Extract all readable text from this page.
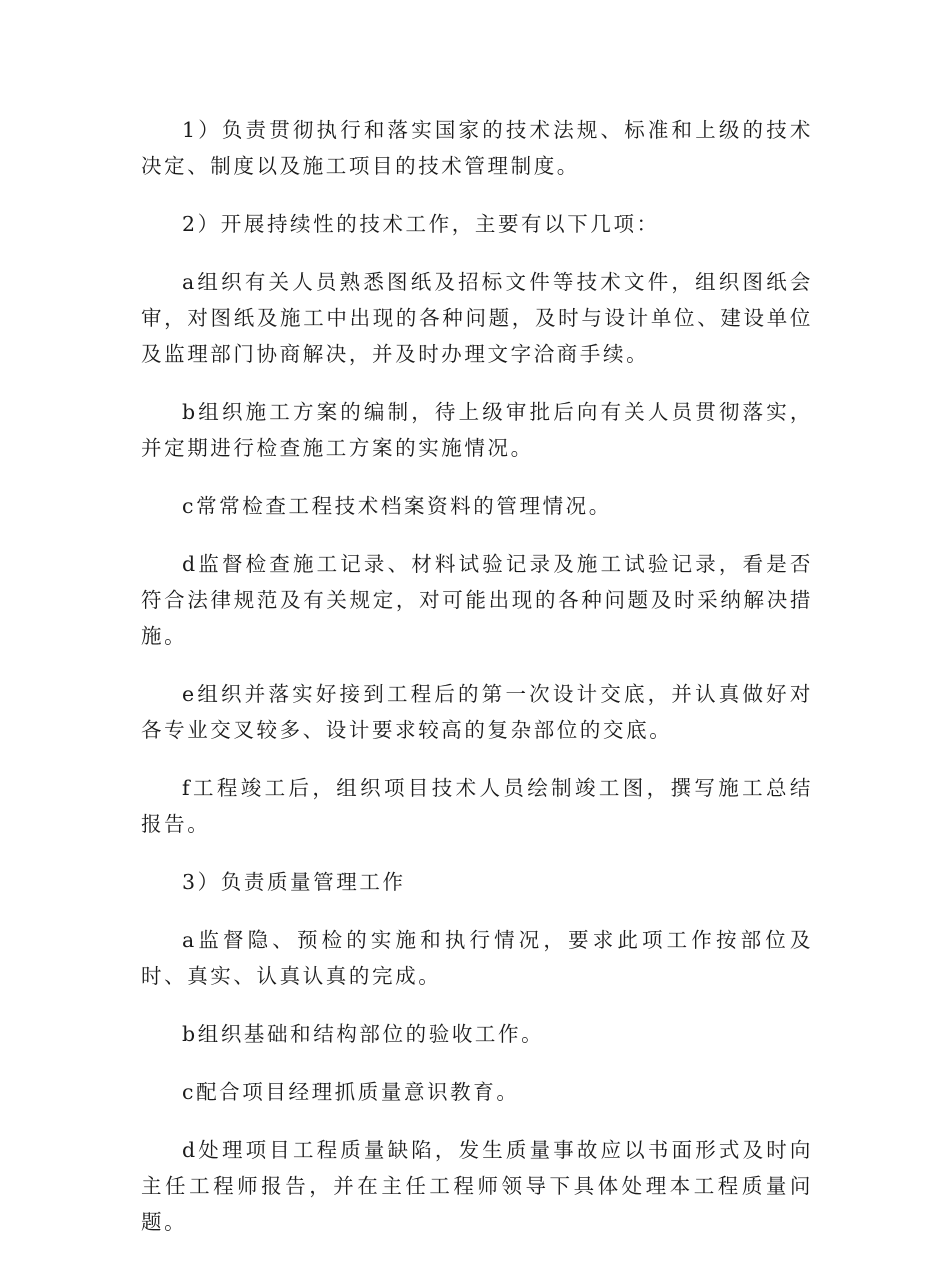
1）负责贯彻执行和落实国家的技术法规、标准和上级的技术决定、制度以及施工项目的技术管理制度。

2）开展持续性的技术工作，主要有以下几项：

a组织有关人员熟悉图纸及招标文件等技术文件，组织图纸会审，对图纸及施工中出现的各种问题，及时与设计单位、建设单位及监理部门协商解决，并及时办理文字洽商手续。

b组织施工方案的编制，待上级审批后向有关人员贯彻落实，并定期进行检查施工方案的实施情况。

c常常检查工程技术档案资料的管理情况。

d监督检查施工记录、材料试验记录及施工试验记录，看是否符合法律规范及有关规定，对可能出现的各种问题及时采纳解决措施。

e组织并落实好接到工程后的第一次设计交底，并认真做好对各专业交叉较多、设计要求较高的复杂部位的交底。

f工程竣工后，组织项目技术人员绘制竣工图，撰写施工总结报告。

3）负责质量管理工作

a监督隐、预检的实施和执行情况，要求此项工作按部位及时、真实、认真认真的完成。

b组织基础和结构部位的验收工作。

c配合项目经理抓质量意识教育。

d处理项目工程质量缺陷，发生质量事故应以书面形式及时向主任工程师报告，并在主任工程师领导下具体处理本工程质量问题。
